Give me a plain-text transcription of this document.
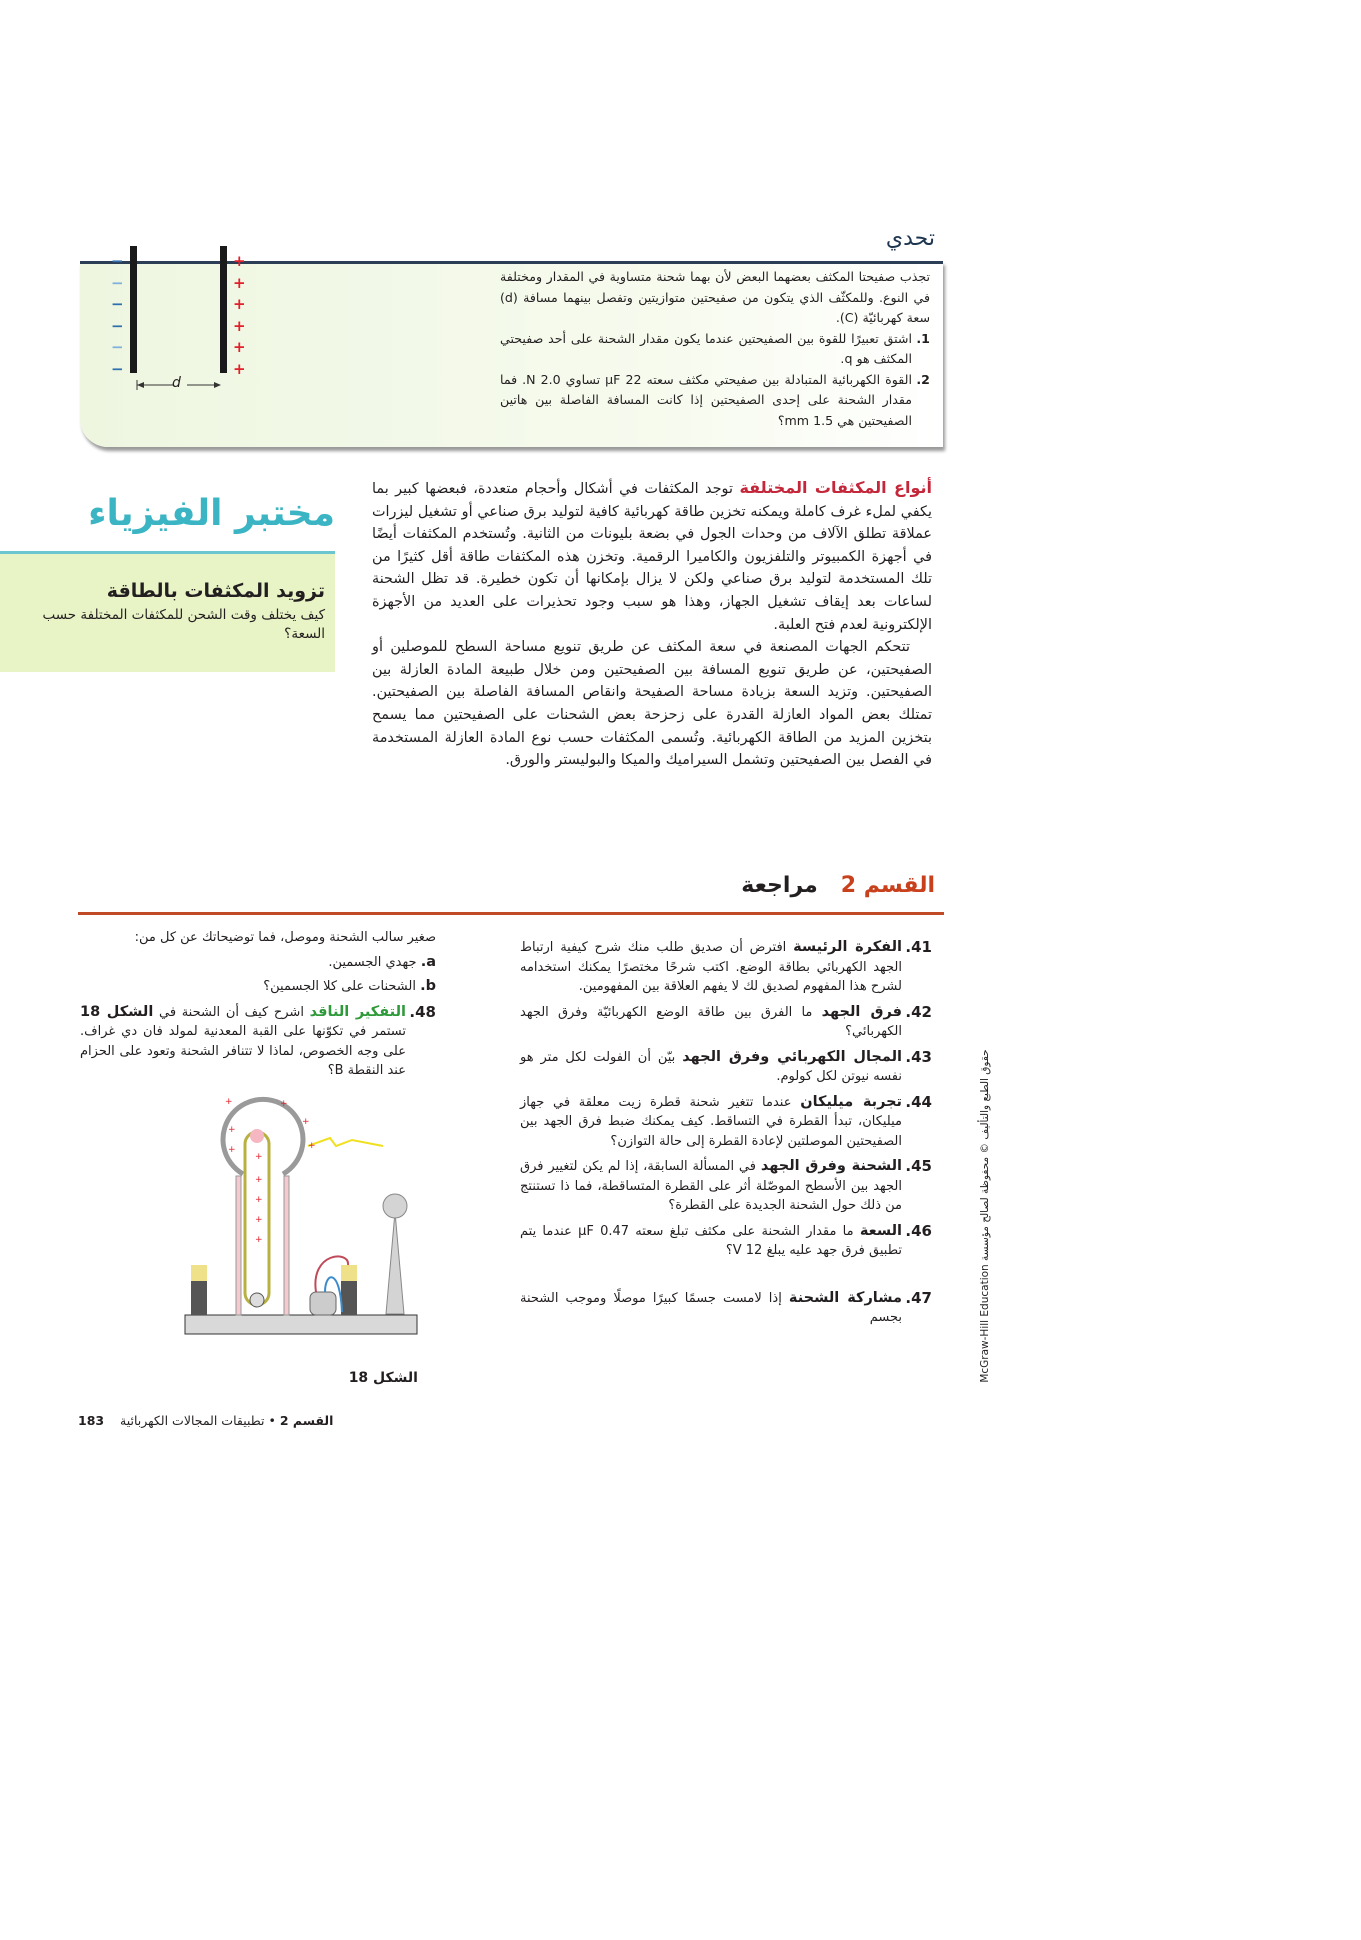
تحدي
−
−
−
−
−
−
+
+
+
+
+
+
d
تجذب صفيحتا المكثف بعضهما البعض لأن بهما شحنة متساوية في المقدار ومختلفة في النوع. وللمكثّف الذي يتكون من صفيحتين متوازيتين وتفصل بينهما مسافة (d) سعة كهربائيّة (C).
1. اشتق تعبيرًا للقوة بين الصفيحتين عندما يكون مقدار الشحنة على أحد صفيحتي المكثف هو q.
2. القوة الكهربائية المتبادلة بين صفيحتي مكثف سعته 22 μF تساوي 2.0 N. فما مقدار الشحنة على إحدى الصفيحتين إذا كانت المسافة الفاصلة بين هاتين الصفيحتين هي 1.5 mm؟
مختبر الفيزياء
تزويد المكثفات بالطاقة
كيف يختلف وقت الشحن للمكثفات المختلفة حسب السعة؟

أنواع المكثفات المختلفة توجد المكثفات في أشكال وأحجام متعددة، فبعضها كبير بما يكفي لملء غرف كاملة ويمكنه تخزين طاقة كهربائية كافية لتوليد برق صناعي أو تشغيل ليزرات عملاقة تطلق الآلاف من وحدات الجول في بضعة بليونات من الثانية. وتُستخدم المكثفات أيضًا في أجهزة الكمبيوتر والتلفزيون والكاميرا الرقمية. وتخزن هذه المكثفات طاقة أقل كثيرًا من تلك المستخدمة لتوليد برق صناعي ولكن لا يزال بإمكانها أن تكون خطيرة. قد تظل الشحنة لساعات بعد إيقاف تشغيل الجهاز، وهذا هو سبب وجود تحذيرات على العديد من الأجهزة الإلكترونية لعدم فتح العلبة.

تتحكم الجهات المصنعة في سعة المكثف عن طريق تنويع مساحة السطح للموصلين أو الصفيحتين، عن طريق تنويع المسافة بين الصفيحتين ومن خلال طبيعة المادة العازلة بين الصفيحتين. وتزيد السعة بزيادة مساحة الصفيحة وانقاص المسافة الفاصلة بين الصفيحتين. تمتلك بعض المواد العازلة القدرة على زحزحة بعض الشحنات على الصفيحتين مما يسمح بتخزين المزيد من الطاقة الكهربائية. وتُسمى المكثفات حسب نوع المادة العازلة المستخدمة في الفصل بين الصفيحتين وتشمل السيراميك والميكا والبوليستر والورق.

القسم 2   مراجعة
41.
الفكرة الرئيسة افترض أن صديق طلب منك شرح كيفية ارتباط الجهد الكهربائي بطاقة الوضع. اكتب شرحًا مختصرًا يمكنك استخدامه لشرح هذا المفهوم لصديق لك لا يفهم العلاقة بين المفهومين.
42.
فرق الجهد ما الفرق بين طاقة الوضع الكهربائيّة وفرق الجهد الكهربائي؟
43.
المجال الكهربائي وفرق الجهد بيّن أن الفولت لكل متر هو نفسه نيوتن لكل كولوم.
44.
تجربة ميليكان عندما تتغير شحنة قطرة زيت معلقة في جهاز ميليكان، تبدأ القطرة في التساقط. كيف يمكنك ضبط فرق الجهد بين الصفيحتين الموصلتين لإعادة القطرة إلى حالة التوازن؟
45.
الشحنة وفرق الجهد في المسألة السابقة، إذا لم يكن لتغيير فرق الجهد بين الأسطح الموصّلة أثر على القطرة المتساقطة، فما ذا تستنتج من ذلك حول الشحنة الجديدة على القطرة؟
46.
السعة ما مقدار الشحنة على مكثف تبلغ سعته 0.47 μF عندما يتم تطبيق فرق جهد عليه يبلغ 12 V؟
47.
مشاركة الشحنة إذا لامست جسمًا كبيرًا موصلًا وموجب الشحنة بجسم
صغير سالب الشحنة وموصل، فما توضيحاتك عن كل من:
a. جهدي الجسمين.
b. الشحنات على كلا الجسمين؟
48.
التفكير الناقد اشرح كيف أن الشحنة في الشكل 18 تستمر في تكوّنها على القبة المعدنية لمولد فان دي غراف. على وجه الخصوص، لماذا لا تتنافر الشحنة وتعود على الحزام عند النقطة B؟
+
+
+
+
+
+	+
+
+
+	+
الشكل 18
183	القسم 2 • تطبيقات المجالات الكهربائية
حقوق الطبع والتأليف © محفوظة لصالح مؤسسة McGraw-Hill Education
